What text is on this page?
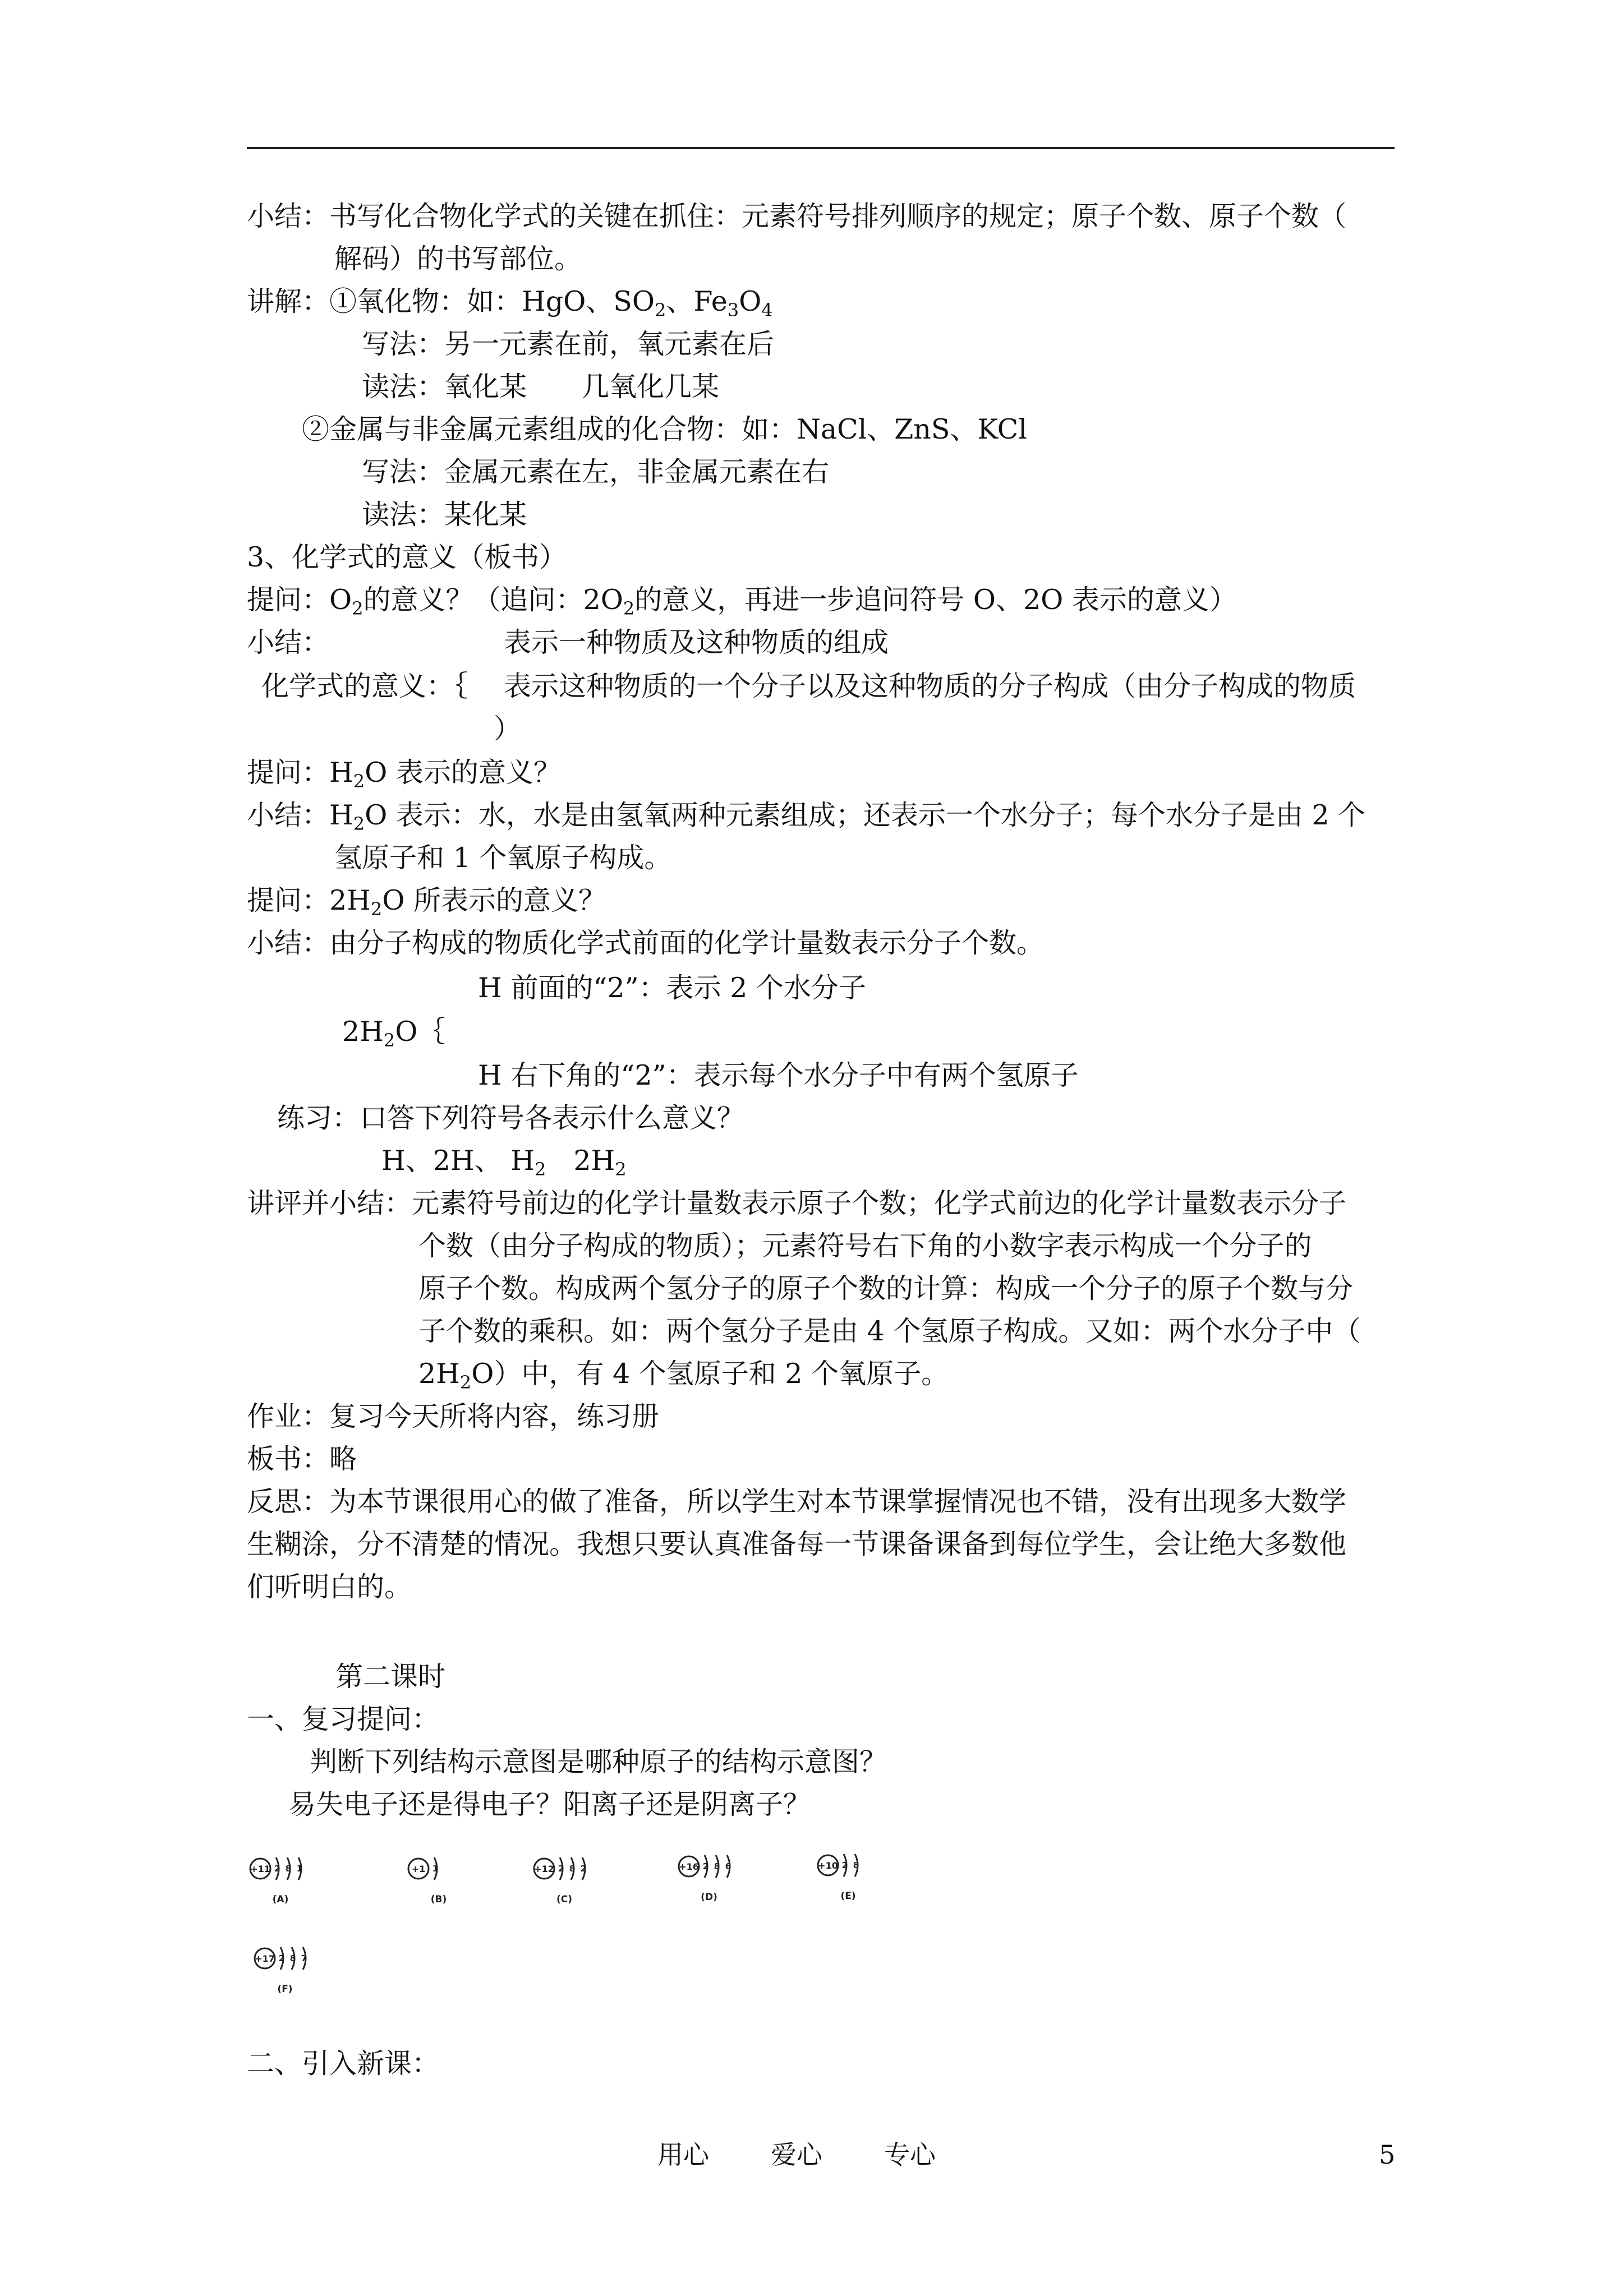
小结：书写化合物化学式的关键在抓住：元素符号排列顺序的规定；原子个数、原子个数（
解码）的书写部位。
讲解：①氧化物：如：HgO、$SO_2$、$Fe_3O_4$
写法：另一元素在前，氧元素在后
读法：氧化某　　几氧化几某
②金属与非金属元素组成的化合物：如：NaCl、ZnS、KCl
写法：金属元素在左，非金属元素在右
读法：某化某
3、化学式的意义（板书）
提问：$O_2$的意义？（追问：$2O_2$的意义，再进一步追问符号 O、2O 表示的意义）
小结：	表示一种物质及这种物质的组成
化学式的意义：｛ 表示这种物质的一个分子以及这种物质的分子构成（由分子构成的物质
）
提问：$H_2O$ 表示的意义？
小结：$H_2O$ 表示：水，水是由氢氧两种元素组成；还表示一个水分子；每个水分子是由 2 个
氢原子和 1 个氧原子构成。
提问：$2H_2O$ 所表示的意义？
小结：由分子构成的物质化学式前面的化学计量数表示分子个数。
H 前面的“2”：表示 2 个水分子
$2H_2O\{$
H 右下角的“2”：表示每个水分子中有两个氢原子
练习：口答下列符号各表示什么意义？
H、2H、 $H_2$　$2H_2$
讲评并小结：元素符号前边的化学计量数表示原子个数；化学式前边的化学计量数表示分子
个数（由分子构成的物质）；元素符号右下角的小数字表示构成一个分子的
原子个数。构成两个氢分子的原子个数的计算：构成一个分子的原子个数与分
子个数的乘积。如：两个氢分子是由 4 个氢原子构成。又如：两个水分子中（
$2H_2O$）中，有 4 个氢原子和 2 个氧原子。
作业：复习今天所将内容，练习册
板书：略
反思：为本节课很用心的做了准备，所以学生对本节课掌握情况也不错，没有出现多大数学
生糊涂，分不清楚的情况。我想只要认真准备每一节课备课备到每位学生，会让绝大多数他
们听明白的。
第二课时
一、复习提问：
判断下列结构示意图是哪种原子的结构示意图？
易失电子还是得电子？阳离子还是阴离子？
+11 2 8 1
(A)
+1 1
(B)
+12 2 8 2
(C)
+16 2 8 6
(D)
+10 2 8
(E)
+17 2 8 7
(F)
二、引入新课：
用心 爱心 专心	5
